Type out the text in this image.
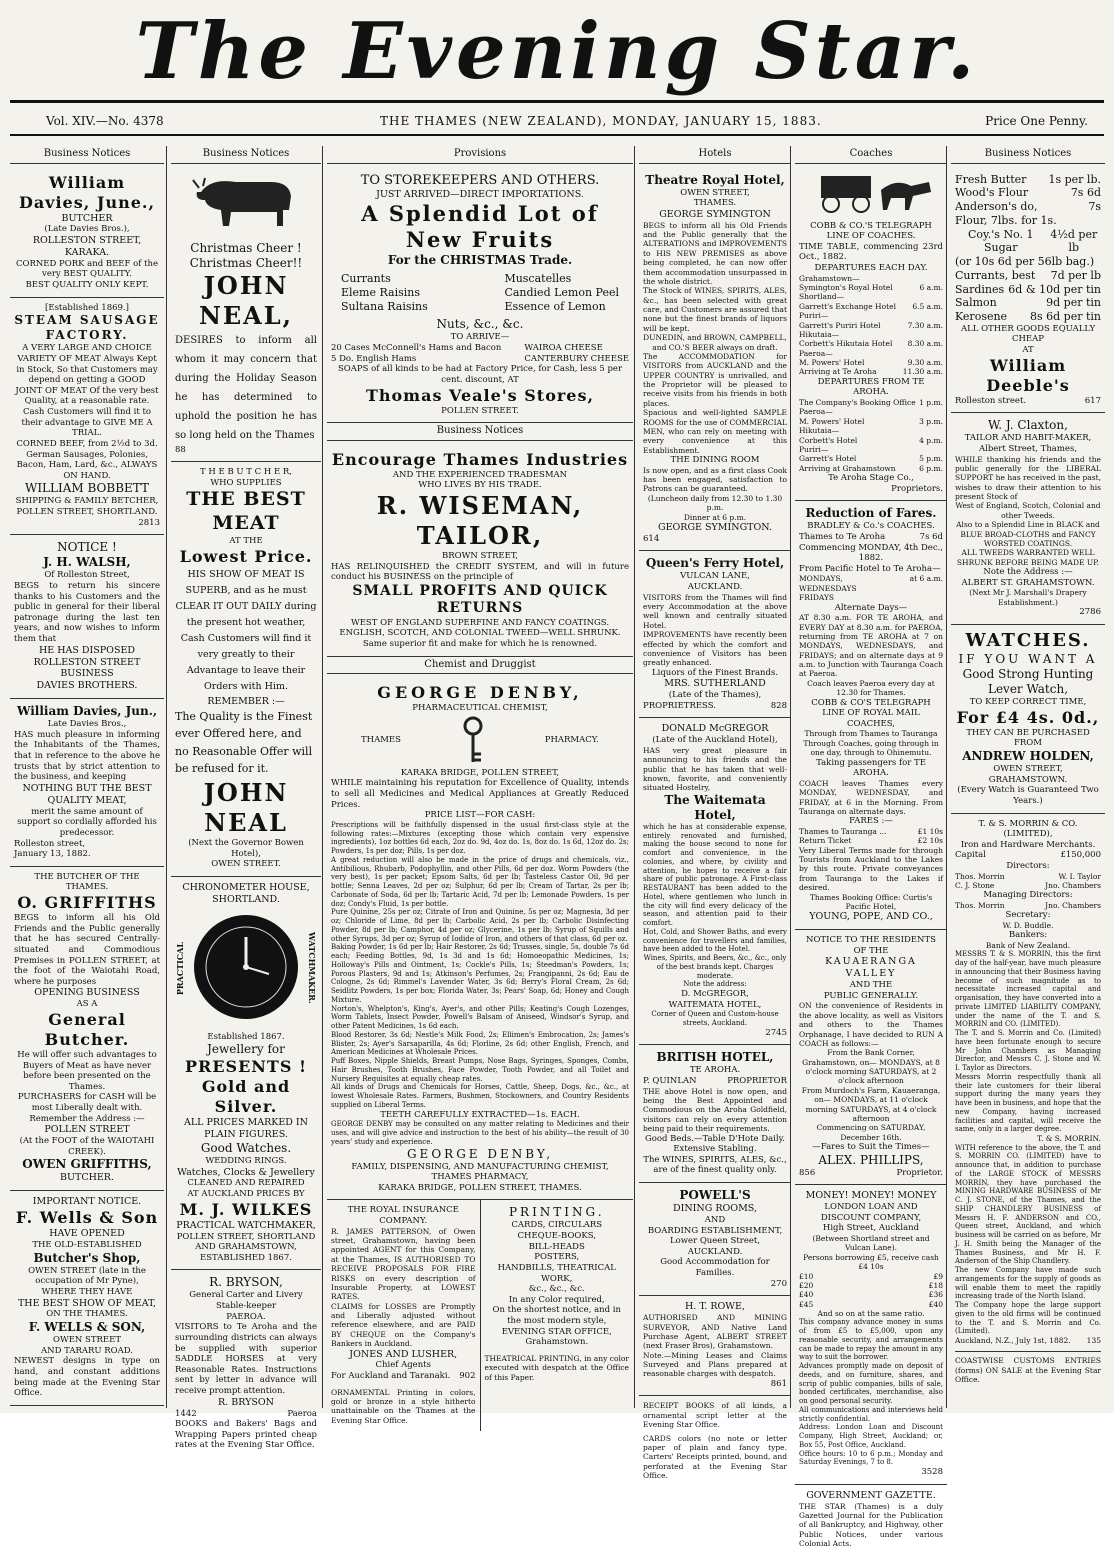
The Evening Star.
Vol. XIV.—No. 4378	THE THAMES (NEW ZEALAND), MONDAY, JANUARY 15, 1883.	Price One Penny.
Business Notices
William Davies, June.,
BUTCHER
(Late Davies Bros.),
ROLLESTON STREET, KARAKA.
CORNED PORK and BEEF of the very BEST QUALITY.
BEST QUALITY ONLY KEPT.
[Established 1869.]
STEAM SAUSAGE FACTORY.
A VERY LARGE AND CHOICE VARIETY OF MEAT Always Kept in Stock, So that Customers may depend on getting a GOOD JOINT OF MEAT Of the very best Quality, at a reasonable rate. Cash Customers will find it to their advantage to GIVE ME A TRIAL.
CORNED BEEF, from 2½d to 3d.
German Sausages, Polonies, Bacon, Ham, Lard, &c., ALWAYS ON HAND.
WILLIAM BOBBETT
SHIPPING & FAMILY BETCHER, POLLEN STREET, SHORTLAND.
2813
NOTICE !
J. H. WALSH,
Of Rolleston Street,
BEGS to return his sincere thanks to his Customers and the public in general for their liberal patronage during the last ten years, and now wishes to inform them that
HE HAS DISPOSED
ROLLESTON STREET BUSINESS
DAVIES BROTHERS.
William Davies, Jun.,
Late Davies Bros.,
HAS much pleasure in informing the Inhabitants of the Thames, that in reference to the above he trusts that by strict attention to the business, and keeping
NOTHING BUT THE BEST QUALITY MEAT,
merit the same amount of support so cordially afforded his predecessor.
Rolleston street,
January 13, 1882.
THE BUTCHER OF THE THAMES.
O. GRIFFITHS
BEGS to inform all his Old Friends and the Public generally that he has secured Centrally-situated and Commodious Premises in POLLEN STREET, at the foot of the Waiotahi Road, where he purposes
OPENING BUSINESS
AS A
General Butcher.
He will offer such advantages to Buyers of Meat as have never before been presented on the Thames.
PURCHASERS for CASH will be most Liberally dealt with.
Remember the Address :—
POLLEN STREET
(At the FOOT of the WAIOTAHI CREEK).
OWEN GRIFFITHS,
BUTCHER.
IMPORTANT NOTICE.
F. Wells & Son
HAVE OPENED
THE OLD-ESTABLISHED
Butcher's Shop,
OWEN STREET (late in the occupation of Mr Pyne),
WHERE THEY HAVE
THE BEST SHOW OF MEAT,
ON THE THAMES.
F. WELLS & SON,
OWEN STREET
AND TARARU ROAD.
NEWEST designs in type on hand, and constant additions being made at the Evening Star Office.
Business Notices
Christmas Cheer !
Christmas Cheer!!
JOHN NEAL,
DESIRES to inform all whom it may concern that during the Holiday Season he has determined to uphold the position he has so long held on the Thames
88
T H E B U T C H E R,
WHO SUPPLIES
THE BEST MEAT
AT THE
Lowest Price.
HIS SHOW OF MEAT IS SUPERB, and as he must CLEAR IT OUT DAILY during the present hot weather, Cash Customers will find it very greatly to their Advantage to leave their Orders with Him.
REMEMBER :—
The Quality is the Finest ever Offered here, and no Reasonable Offer will be refused for it.
JOHN NEAL
(Next the Governor Bowen Hotel),
OWEN STREET.
CHRONOMETER HOUSE, SHORTLAND.
PRACTICAL	WATCHMAKER.
Established 1867.
Jewellery for
PRESENTS !
Gold and Silver.
ALL PRICES MARKED IN PLAIN FIGURES.
Good Watches.
WEDDING RINGS.
Watches, Clocks & Jewellery
CLEANED AND REPAIRED
AT AUCKLAND PRICES BY
M. J. WILKES
PRACTICAL WATCHMAKER,
POLLEN STREET, SHORTLAND AND GRAHAMSTOWN,
ESTABLISHED 1867.
R. BRYSON,
General Carter and Livery Stable-keeper
PAEROA.
VISITORS to Te Aroha and the surrounding districts can always be supplied with superior SADDLE HORSES at very Reasonable Rates. Instructions sent by letter in advance will receive prompt attention.
R. BRYSON
1442	Paeroa
BOOKS and Bakers' Bags and Wrapping Papers printed cheap rates at the Evening Star Office.
Provisions
TO STOREKEEPERS AND OTHERS.
JUST ARRIVED—DIRECT IMPORTATIONS.
A Splendid Lot of New Fruits
For the CHRISTMAS Trade.
Currants
Eleme Raisins
Sultana Raisins
Muscatelles
Candied Lemon Peel
Essence of Lemon
Nuts, &c., &c.
TO ARRIVE—
20 Cases McConnell's Hams and Bacon
5 Do. English Hams
WAIROA CHEESE
CANTERBURY CHEESE
SOAPS of all kinds to be had at Factory Price, for Cash, less 5 per cent. discount, AT
Thomas Veale's Stores,
POLLEN STREET.
Business Notices
Encourage Thames Industries
AND THE EXPERIENCED TRADESMAN
WHO LIVES BY HIS TRADE.
R. WISEMAN, TAILOR,
BROWN STREET,
HAS RELINQUISHED the CREDIT SYSTEM, and will in future conduct his BUSINESS on the principle of
SMALL PROFITS AND QUICK RETURNS
WEST OF ENGLAND SUPERFINE AND FANCY COATINGS. ENGLISH, SCOTCH, AND COLONIAL TWEED—WELL SHRUNK.
Same superior fit and make for which he is renowned.
Chemist and Druggist
GEORGE DENBY,
PHARMACEUTICAL CHEMIST,
THAMES	PHARMACY.
KARAKA BRIDGE, POLLEN STREET,
WHILE maintaining his reputation for Excellence of Quality, intends to sell all Medicines and Medical Appliances at Greatly Reduced Prices.
PRICE LIST—FOR CASH:
Prescriptions will be faithfully dispensed in the usual first-class style at the following rates:—Mixtures (excepting those which contain very expensive ingredients), 1oz bottles 6d each, 2oz do. 9d, 4oz do. 1s, 8oz do. 1s 6d, 12oz do. 2s; Powders, 1s per doz; Pills, 1s per doz.
A great reduction will also be made in the price of drugs and chemicals, viz., Antibilious, Rhubarb, Podophyllin, and other Pills, 6d per doz. Worm Powders (the very best), 1s per packet; Epsom Salts, 6d per lb; Tasteless Castor Oil, 9d per bottle; Senna Leaves, 2d per oz; Sulphur, 6d per lb; Cream of Tartar, 2s per lb; Carbonate of Soda, 6d per lb; Tartaric Acid, 7d per lb; Lemonade Powders, 1s per doz; Condy's Fluid, 1s per bottle.
Pure Quinine, 25s per oz; Citrate of Iron and Quinine, 5s per oz; Magnesia, 3d per oz; Chloride of Lime, 8d per lb; Carbolic Acid, 2s per lb; Carbolic Disinfecting Powder, 8d per lb; Camphor, 4d per oz; Glycerine, 1s per lb; Syrup of Squills and other Syrups, 3d per oz; Syrup of Iodide of Iron, and others of that class, 6d per oz.
Baking Powder, 1s 6d per lb; Hair Restorer, 2s 6d; Trusses, single, 5s, double 7s 6d each; Feeding Bottles, 9d, 1s 3d and 1s 6d; Homoeopathic Medicines, 1s; Holloway's Pills and Ointment, 1s; Cockle's Pills, 1s; Steedman's Powders, 1s; Porous Plasters, 9d and 1s; Atkinson's Perfumes, 2s; Frangipanni, 2s 6d; Eau de Cologne, 2s 6d; Rimmel's Lavender Water, 3s 6d; Berry's Floral Cream, 2s 6d; Seidlitz Powders, 1s per box; Florida Water, 3s; Pears' Soap, 6d; Honey and Cough Mixture.
Norton's, Whelpton's, King's, Ayer's, and other Pills; Keating's Cough Lozenges, Worm Tablets, Insect Powder, Powell's Balsam of Aniseed, Windsor's Syrup, and other Patent Medicines, 1s 6d each.
Blood Restorer, 3s 6d; Nestle's Milk Food, 2s; Ellimen's Embrocation, 2s; James's Blister, 2s; Ayer's Sarsaparilla, 4s 6d; Florline, 2s 6d; other English, French, and American Medicines at Wholesale Prices.
Puff Boxes, Nipple Shields, Breast Pumps, Nose Bags, Syringes, Sponges, Combs, Hair Brushes, Tooth Brushes, Face Powder, Tooth Powder, and all Toilet and Nursery Requisites at equally cheap rates.
All kinds of Drugs and Chemicals for Horses, Cattle, Sheep, Dogs, &c., &c., at lowest Wholesale Rates. Farmers, Bushmen, Stockowners, and Country Residents supplied on Liberal Terms.
TEETH CAREFULLY EXTRACTED—1s. EACH.
GEORGE DENBY may be consulted on any matter relating to Medicines and their uses, and will give advice and instruction to the best of his ability—the result of 30 years' study and experience.
GEORGE DENBY,
FAMILY, DISPENSING, AND MANUFACTURING CHEMIST, THAMES PHARMACY,
KARAKA BRIDGE, POLLEN STREET, THAMES.
THE ROYAL INSURANCE COMPANY.
R. JAMES PATTERSON, of Owen street, Grahamstown, having been appointed AGENT for this Company, at the Thames, IS AUTHORISED TO RECEIVE PROPOSALS FOR FIRE RISKS on every description of Insurable Property, at LOWEST RATES.
CLAIMS for LOSSES are Promptly and Liberally adjusted without reference elsewhere, and are PAID BY CHEQUE on the Company's Bankers in Auckland.
JONES AND LUSHER,
Chief Agents
For Auckland and Taranaki. 902
ORNAMENTAL Printing in colors, gold or bronze in a style hitherto unattainable on the Thames at the Evening Star Office.
PRINTING.
CARDS, CIRCULARS
CHEQUE-BOOKS,
BILL-HEADS
POSTERS,
HANDBILLS, THEATRICAL WORK,
&c., &c., &c.
In any Color required,
On the shortest notice, and in the most modern style,
EVENING STAR OFFICE,
Grahamstown.
THEATRICAL PRINTING, in any color executed with despatch at the Office of this Paper.
Hotels
Theatre Royal Hotel,
OWEN STREET,
THAMES.
GEORGE SYMINGTON
BEGS to inform all his Old Friends and the Public generally that the ALTERATIONS and IMPROVEMENTS to HIS NEW PREMISES as above being completed, he can now offer them accommodation unsurpassed in the whole district.
The Stock of WINES, SPIRITS, ALES, &c., has been selected with great care, and Customers are assured that none but the finest brands of liquors will be kept.
DUNEDIN, and BROWN, CAMPBELL, and CO.'S BEER always on draft.
The ACCOMMODATION for VISITORS from AUCKLAND and the UPPER COUNTRY is unrivalled, and the Proprietor will be pleased to receive visits from his friends in both places.
Spacious and well-lighted SAMPLE ROOMS for the use of COMMERCIAL MEN, who can rely on meeting with every convenience at this Establishment.
THE DINING ROOM
Is now open, and as a first class Cook has been engaged, satisfaction to Patrons can be guaranteed.
(Luncheon daily from 12.30 to 1.30 p.m.
Dinner at 6 p.m.
GEORGE SYMINGTON.
614
Queen's Ferry Hotel,
VULCAN LANE,
AUCKLAND.
VISITORS from the Thames will find every Accommodation at the above well known and centrally situated Hotel.
IMPROVEMENTS have recently been effected by which the comfort and convenience of Visitors has been greatly enhanced.
Liquors of the Finest Brands.
MRS. SUTHERLAND
(Late of the Thames),
PROPRIETRESS.	828
DONALD McGREGOR
(Late of the Auckland Hotel),
HAS very great pleasure in announcing to his friends and the public that he has taken that well-known, favorite, and conveniently situated Hostelry,
The Waitemata Hotel,
which he has at considerable expense, entirely renovated and furnished, making the house second to none for comfort and convenience, in the colonies, and where, by civility and attention, he hopes to receive a fair share of public patronage. A First-class RESTAURANT has been added to the Hotel, where gentlemen who lunch in the city will find every delicacy of the season, and attention paid to their comfort.
Hot, Cold, and Shower Baths, and every convenience for travellers and families, have been added to the Hotel.
Wines, Spirits, and Beers, &c., &c., only of the best brands kept. Charges moderate.
Note the address:
D. McGREGOR,
WAITEMATA HOTEL,
Corner of Queen and Custom-house streets, Auckland.
2745
BRITISH HOTEL,
TE AROHA.
P. QUINLAN	PROPRIETOR
THE above Hotel is now open, and being the Best Appointed and Commodious on the Aroha Goldfield, visitors can rely on every attention being paid to their requirements.
Good Beds.—Table D'Hote Daily.
Extensive Stabling.
The WINES, SPIRITS, ALES, &c., are of the finest quality only.
POWELL'S
DINING ROOMS,
AND
BOARDING ESTABLISHMENT,
Lower Queen Street,
AUCKLAND.
Good Accommodation for Families.
270
H. T. ROWE,
AUTHORISED AND MINING SURVEYOR, AND Native Land Purchase Agent, ALBERT STREET (next Fraser Bros), Grahamstown.
Note.—Mining Leases and Claims Surveyed and Plans prepared at reasonable charges with despatch.
861
RECEIPT BOOKS of all kinds, a ornamental script letter at the Evening Star Office.
CARDS colors (no note or letter paper of plain and fancy type. Carters' Receipts printed, bound, and perforated at the Evening Star Office.
Coaches
COBB & CO.'S TELEGRAPH LINE OF COACHES.
TIME TABLE, commencing 23rd Oct., 1882.
DEPARTURES EACH DAY.
Grahamstown—
Symington's Royal Hotel	6 a.m.
Shortland—
Garrett's Exchange Hotel 6.5 a.m.
Puriri—
Garrett's Puriri Hotel	7.30 a.m.
Hikutaia—
Corbett's Hikutaia Hotel 8.30 a.m.
Paeroa—
M. Powers' Hotel	9.30 a.m.
Arriving at Te Aroha	11.30 a.m.
DEPARTURES FROM TE AROHA.
The Company's Booking Office 1 p.m.
Paeroa—
M. Powers' Hotel	3 p.m.
Hikutaia—
Corbett's Hotel	4 p.m.
Puriri—
Garrett's Hotel	5 p.m.
Arriving at Grahamstown	6 p.m.
Te Aroha Stage Co.,
Proprietors.
Reduction of Fares.
BRADLEY & Co.'s COACHES.
Thames to Te Aroha	7s 6d
Commencing MONDAY, 4th Dec., 1882.
From Pacific Hotel to Te Aroha—
MONDAYS,	at 6 a.m.
WEDNESDAYS
FRIDAYS
Alternate Days—
AT 8.30 a.m. FOR TE AROHA, and EVERY DAY at 8.30 a.m. for PAEROA, returning from TE AROHA at 7 on MONDAYS, WEDNESDAYS, and FRIDAYS; and on alternate days at 9 a.m. to Junction with Tauranga Coach at Paeroa.
Coach leaves Paeroa every day at 12.30 for Thames.
COBB & CO'S TELEGRAPH LINE OF ROYAL MAIL COACHES,
Through from Thames to Tauranga Through Coaches, going through in one day, through to Ohinemutu.
Taking passengers for TE AROHA.
COACH leaves Thames every MONDAY, WEDNESDAY, and FRIDAY, at 6 in the Morning. From Tauranga on alternate days.
FARES :—
Thames to Tauranga ...	£1 10s
Return Ticket	£2 10s
Very Liberal Terms made for through Tourists from Auckland to the Lakes by this route. Private conveyances from Tauranga to the Lakes if desired.
Thames Booking Office: Curtis's Pacific Hotel,
YOUNG, POPE, AND CO.,
NOTICE TO THE RESIDENTS
OF THE
KAUAERANGA VALLEY
AND THE
PUBLIC GENERALLY.
ON the convenience of Residents in the above locality, as well as Visitors and others to the Thames Orphanage, I have decided to RUN A COACH as follows:—
From the Bank Corner, Grahamstown, on— MONDAYS, at 8 o'clock morning SATURDAYS, at 2 o'clock afternoon
From Murdoch's Farm, Kauaeranga, on— MONDAYS, at 11 o'clock morning SATURDAYS, at 4 o'clock afternoon
Commencing on SATURDAY, December 16th.
—Fares to Suit the Times—
ALEX. PHILLIPS,
856	Proprietor.
MONEY! MONEY! MONEY
LONDON LOAN AND DISCOUNT COMPANY,
High Street, Auckland
(Between Shortland street and Vulcan Lane).
Persons borrowing £5, receive cash £4 10s
£10	£9
£20	£18
£40	£36
£45	£40
And so on at the same ratio.
This company advance money in sums of from £5 to £5,000, upon any reasonable security, and arrangements can be made to repay the amount in any way to suit the borrower.
Advances promptly made on deposit of deeds, and on furniture, shares, and scrip of public companies, bills of sale, bonded certificates, merchandise, also on good personal security.
All communications and interviews held strictly confidential.
Address: London Loan and Discount Company, High Street, Auckland; or, Box 55, Post Office, Auckland.
Office hours: 10 to 6 p.m.; Monday and Saturday Evenings, 7 to 8.
3528
GOVERNMENT GAZETTE.
THE STAR (Thames) is a duly Gazetted Journal for the Publication of all Bankruptcy, and Highway, other Public Notices, under various Colonial Acts.
Business Notices
Fresh Butter 1s per lb.
Wood's Flour	7s 6d
Anderson's do,	7s
Flour, 7lbs. for 1s.
Coy.'s No. 1 Sugar
4½d per lb
(or 10s 6d per 56lb bag.)
Currants, best 7d per lb
Sardines 6d & 10d per tin
Salmon	9d per tin
Kerosene 8s 6d per tin
ALL OTHER GOODS EQUALLY CHEAP
AT
William Deeble's
Rolleston street.	617
W. J. Claxton,
TAILOR AND HABIT-MAKER,
Albert Street, Thames,
WHILE thanking his friends and the public generally for the LIBERAL SUPPORT he has received in the past, wishes to draw their attention to his present Stock of
West of England, Scotch, Colonial and other Tweeds.
Also to a Splendid Line in BLACK and BLUE BROAD-CLOTHS and FANCY WORSTED COATINGS.
ALL TWEEDS WARRANTED WELL SHRUNK BEFORE BEING MADE UP.
Note the Address :—
ALBERT ST. GRAHAMSTOWN.
(Next Mr J. Marshall's Drapery Establishment.)
2786
WATCHES.
IF YOU WANT A
Good Strong Hunting Lever Watch,
TO KEEP CORRECT TIME,
For £4 4s. 0d.,
THEY CAN BE PURCHASED FROM
ANDREW HOLDEN,
OWEN STREET, GRAHAMSTOWN.
(Every Watch is Guaranteed Two Years.)
T. & S. MORRIN & CO. (LIMITED),
Iron and Hardware Merchants.
Capital	£150,000
Directors:
Thos. Morrin	W. I. Taylor
C. J. Stone	Jno. Chambers
Managing Directors:
Thos. Morrin	Jno. Chambers
Secretary:
W. D. Buddle.
Bankers:
Bank of New Zealand.
MESSRS T. & S. MORRIN, this the first day of the half-year, have much pleasure in announcing that their Business having become of such magnitude as to necessitate increased capital and organisation, they have converted into a private LIMITED LIABILITY COMPANY, under the name of the T. and S. MORRIN and CO. (LIMITED).
The T. and S. Morrin and Co. (Limited) have been fortunate enough to secure Mr John Chambers as Managing Director, and Messrs C. J. Stone and W. I. Taylor as Directors.
Messrs Morrin respectfully thank all their late customers for their liberal support during the many years they have been in business, and hope that the new Company, having increased facilities and capital, will receive the same, only in a larger degree.
T. & S. MORRIN.
WITH reference to the above, the T. and S. MORRIN CO. (LIMITED) have to announce that, in addition to purchase of the LARGE STOCK of MESSRS MORRIN, they have purchased the MINING HARDWARE BUSINESS of Mr C. J. STONE, of the Thames, and the SHIP CHANDLERY BUSINESS of Messrs H. F. ANDERSON and CO., Queen street, Auckland, and which business will be carried on as before, Mr J. H. Smith being the Manager of the Thames Business, and Mr H. F. Anderson of the Ship Chandlery.
The new Company have made such arrangements for the supply of goods as will enable them to meet the rapidly increasing trade of the North Island.
The Company hope the large support given to the old firms will be continued to the T. and S. Morrin and Co. (Limited).
Auckland, N.Z., July 1st, 1882. 135
COASTWISE CUSTOMS ENTRIES (forms) ON SALE at the Evening Star Office.
